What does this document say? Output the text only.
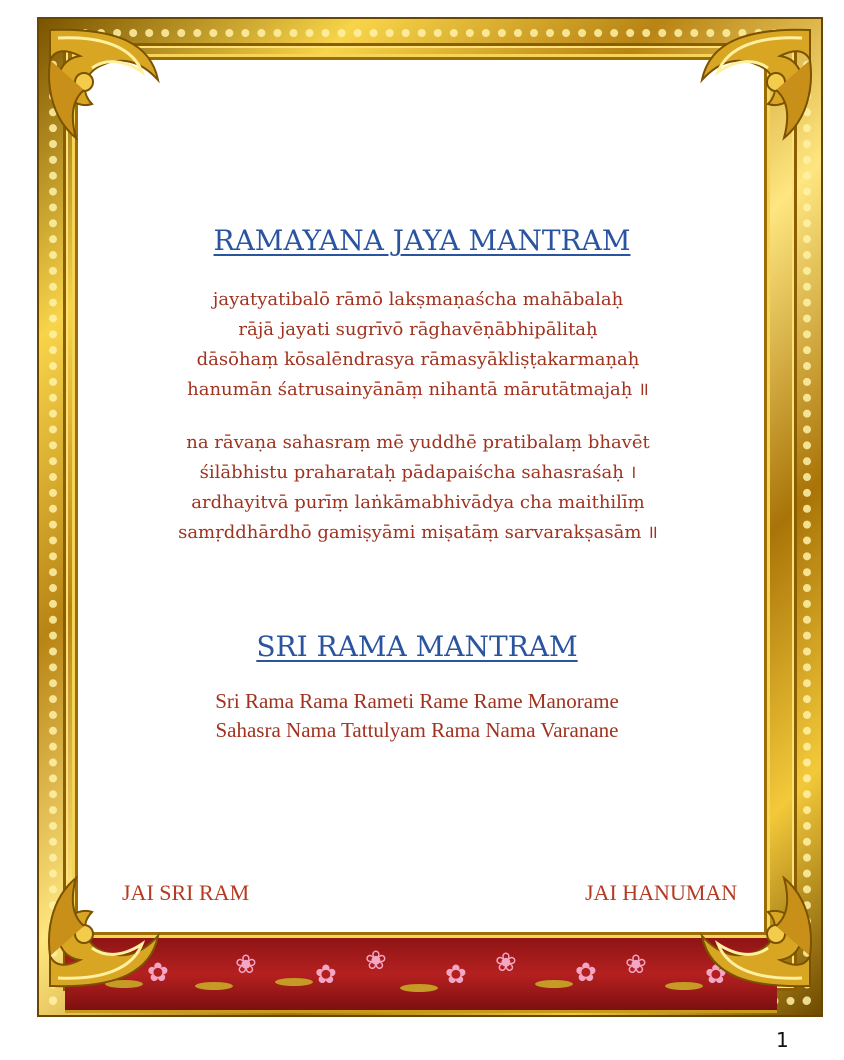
✿	❀ ✿ ❀ ✿ ❀ ✿ ❀ ✿
RAMAYANA JAYA MANTRAM
jayatyatibalō rāmō lakṣmaṇaścha mahābalaḥ
rājā jayati sugrīvō rāghavēṇābhipālitaḥ
dāsōhaṃ kōsalēndrasya rāmasyākliṣṭakarmaṇaḥ
hanumān śatrusainyānāṃ nihantā mārutātmajaḥ ॥
na rāvaṇa sahasraṃ mē yuddhē pratibalaṃ bhavēt
śilābhistu praharataḥ pādapaiścha sahasraśaḥ ।
ardhayitvā purīṃ laṅkāmabhivādya cha maithilīṃ
samṛddhārdhō gamiṣyāmi miṣatāṃ sarvarakṣasām ॥
SRI RAMA MANTRAM
Sri Rama Rama Rameti Rame Rame Manorame
Sahasra Nama Tattulyam Rama Nama Varanane
JAI SRI RAM	JAI HANUMAN
1
